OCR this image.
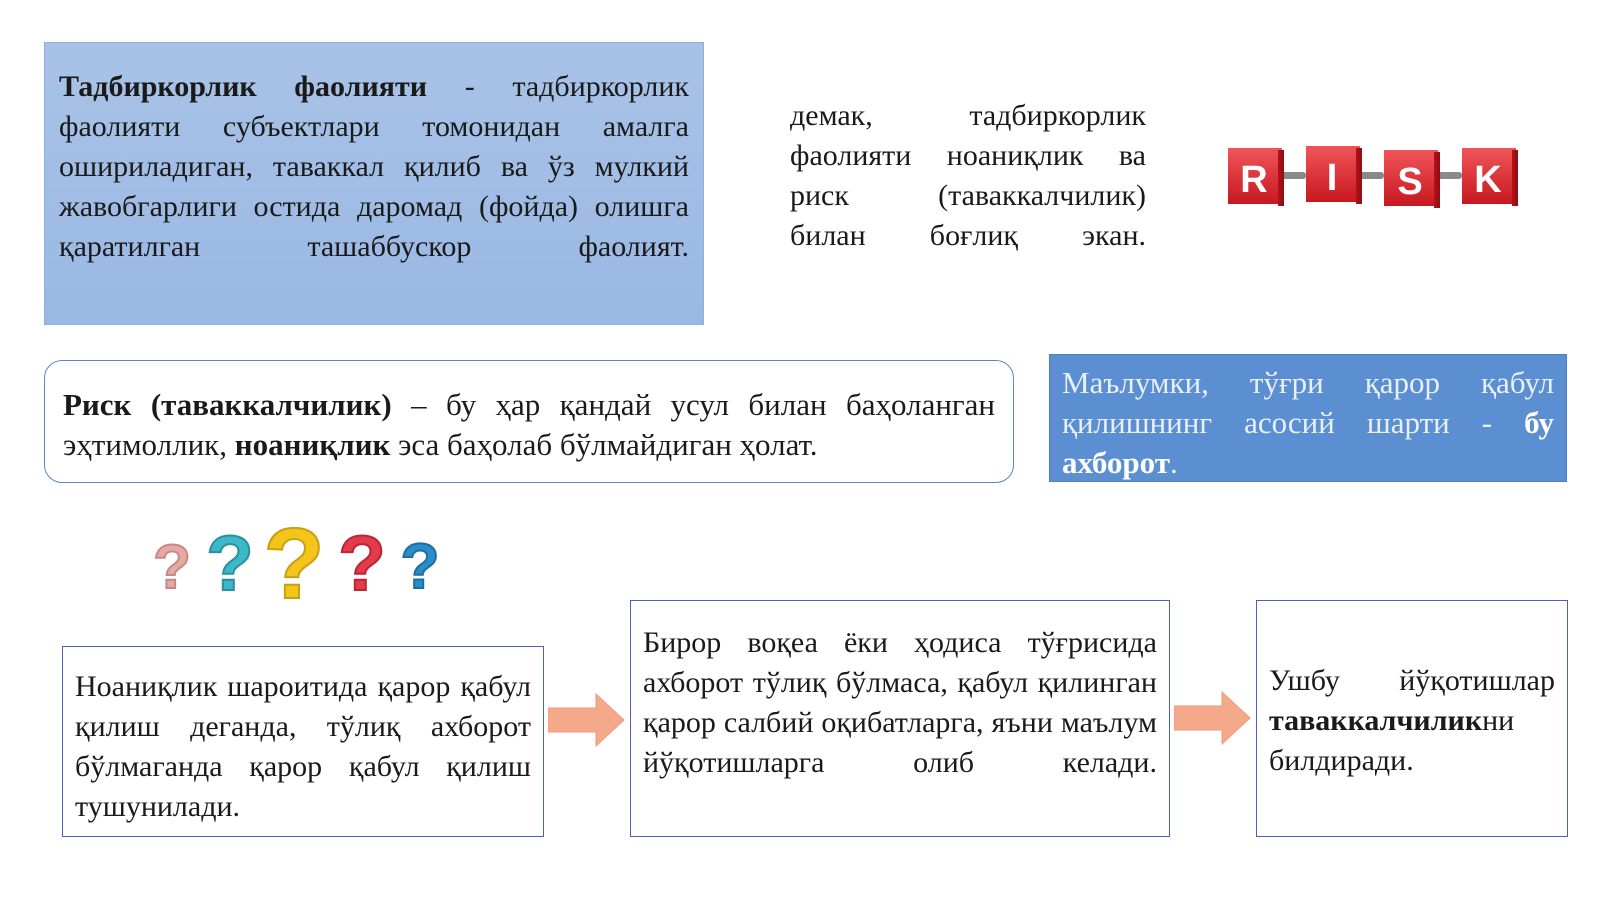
Тадбиркорлик фаолияти - тадбиркорлик фаолияти субъектлари томонидан амалга ошириладиган, таваккал қилиб ва ўз мулкий жавобгарлиги остида даромад (фойда) олишга қаратилган ташаббускор фаолият.

демак, тадбиркорлик фаолияти ноаниқлик ва риск (таваккалчилик) билан боғлиқ экан.

R I S K

Риск (таваккалчилик) – бу ҳар қандай усул билан баҳоланган

эҳтимоллик, ноаниқлик эса баҳолаб бўлмайдиган ҳолат.

Маълумки, тўғри қарор қабул қилишнинг асосий шарти - бу ахборот.

? ? ? ? ?

Ноаниқлик шароитида қарор қабул қилиш деганда, тўлиқ ахборот бўлмаганда қарор қабул қилиш тушунилади.

Бирор воқеа ёки ҳодиса тўғрисида ахборот тўлиқ бўлмаса, қабул қилинган қарор салбий оқибатларга, яъни маълум йўқотишларга олиб келади.

Ушбу йўқотишлар таваккалчиликни билдиради.
